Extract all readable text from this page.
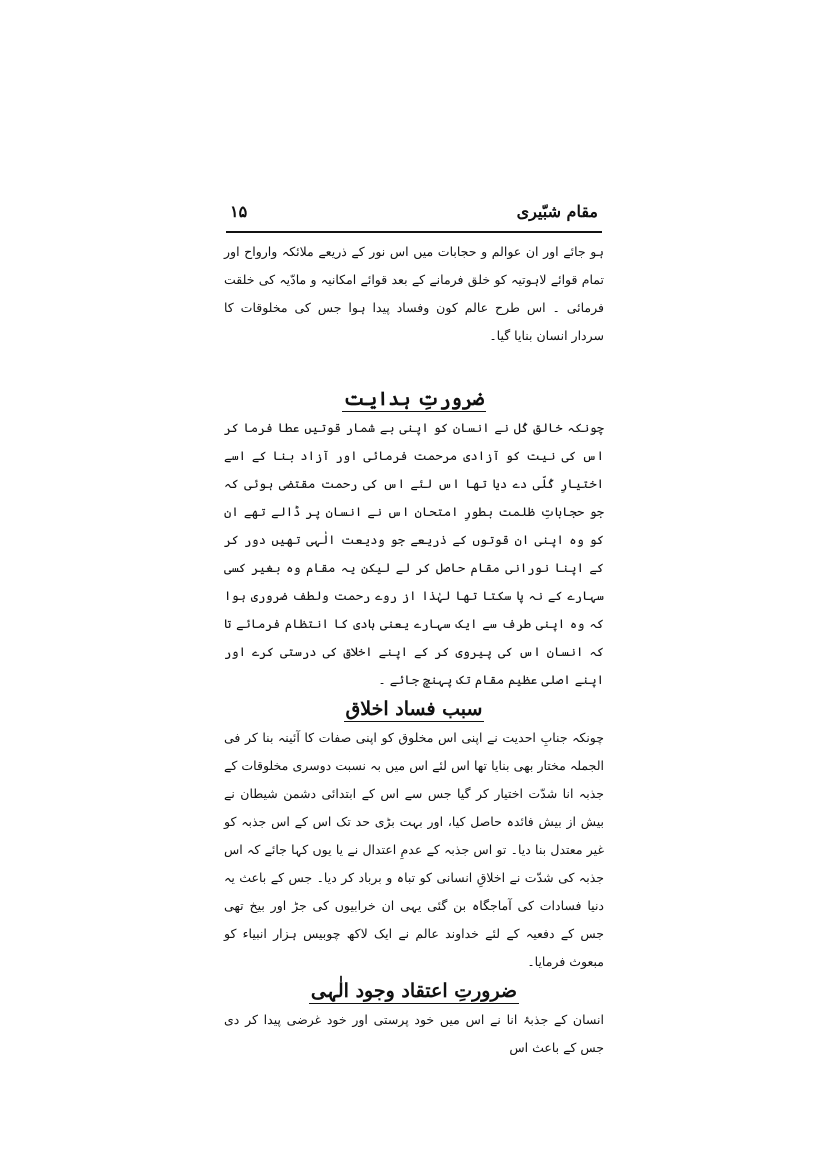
مقام شبّیری
۱۵

ہو جائے اور ان عوالم و حجابات میں اس نور کے ذریعے ملائکہ وارواح اور تمام قوائے لاہوتیہ کو خلق فرمانے کے بعد قوائے امکانیہ و مادّیہ کی خلقت فرمائی ۔ اس طرح عالم کون وفساد پیدا ہوا جس کی مخلوقات کا سردار انسان بنایا گیا۔

ضرورتِ ہدایت

چونکہ خالق کُل نے انسان کو اپنی بے شمار قوتیں عطا فرما کر اس کی نیت کو آزادی مرحمت فرمائی اور آزاد بنا کے اسے اختیارِ کُلّی دے دیا تھا اس لئے اس کی رحمت مقتضی ہوئی کہ جو حجاباتِ ظلمت بطورِ امتحان اس نے انسان پر ڈالے تھے ان کو وہ اپنی ان قوتوں کے ذریعے جو ودیعت الٰہی تھیں دور کر کے اپنا نورانی مقام حاصل کر لے لیکن یہ مقام وہ بغیر کسی سہارے کے نہ پا سکتا تھا لہٰذا از روے رحمت ولطف ضروری ہوا کہ وہ اپنی طرف سے ایک سہارے یعنی ہادی کا انتظام فرمائے تا کہ انسان اس کی پیروی کر کے اپنے اخلاق کی درستی کرے اور اپنے اصلی عظیم مقام تک پہنچ جائے ۔

سبب فساد اخلاق

چونکہ جنابِ احدیت نے اپنی اس مخلوق کو اپنی صفات کا آئینہ بنا کر فی الجملہ مختار بھی بنایا تھا اس لئے اس میں بہ نسبت دوسری مخلوقات کے جذبہ انا شدّت اختیار کر گیا جس سے اس کے ابتدائی دشمن شیطان نے بیش از بیش فائدہ حاصل کیا، اور بہت بڑی حد تک اس کے اس جذبہ کو غیر معتدل بنا دیا۔ تو اس جذبہ کے عدمِ اعتدال نے یا یوں کہا جائے کہ اس جذبہ کی شدّت نے اخلاقِ انسانی کو تباہ و برباد کر دیا۔ جس کے باعث یہ دنیا فسادات کی آماجگاہ بن گئی یہی ان خرابیوں کی جڑ اور بیخ تھی جس کے دفعیہ کے لئے خداوند عالم نے ایک لاکھ چوبیس ہزار انبیاء کو مبعوث فرمایا۔

ضرورتِ اعتقاد وجود الٰہی

انسان کے جذبۂ انا نے اس میں خود پرستی اور خود غرضی پیدا کر دی جس کے باعث اس
